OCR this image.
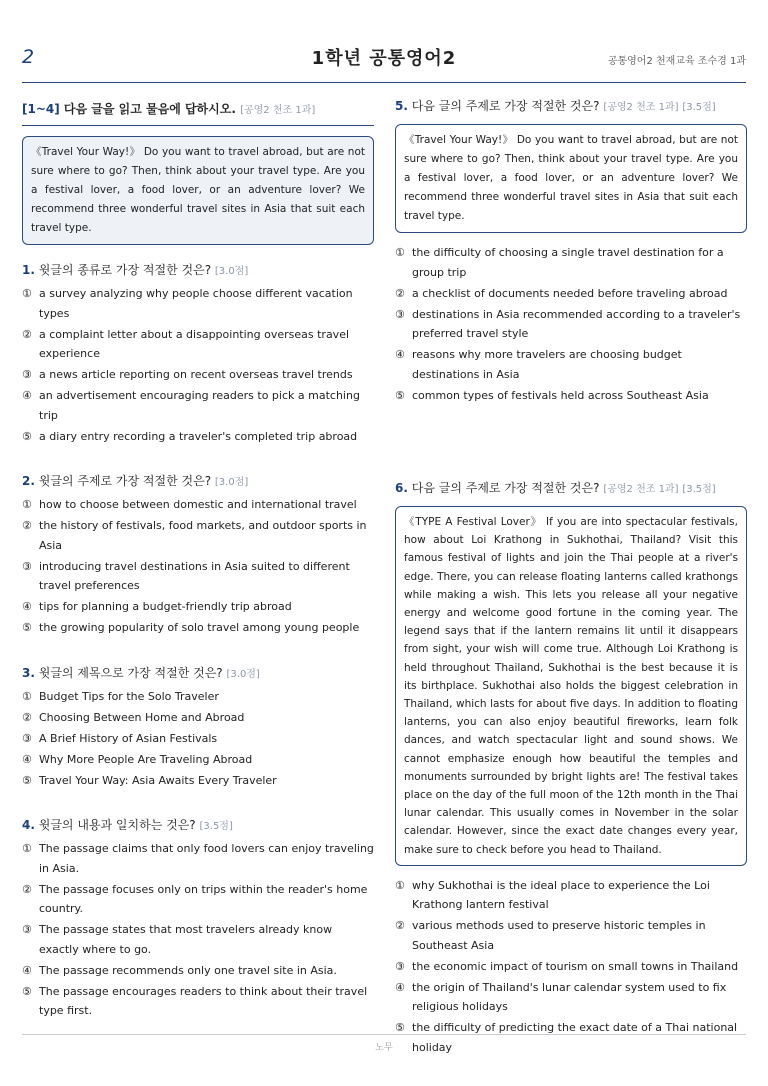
2	1학년 공통영어2	공통영어2 천재교육 조수경 1과
[1~4] 다음 글을 읽고 물음에 답하시오. [공영2 천조 1과]
《Travel Your Way!》 Do you want to travel abroad, but are not sure where to go? Then, think about your travel type. Are you a festival lover, a food lover, or an adventure lover? We recommend three wonderful travel sites in Asia that suit each travel type.
1. 윗글의 종류로 가장 적절한 것은? [3.0점]
① a survey analyzing why people choose different vacation types
② a complaint letter about a disappointing overseas travel experience
③ a news article reporting on recent overseas travel trends
④ an advertisement encouraging readers to pick a matching trip
⑤ a diary entry recording a traveler's completed trip abroad
2. 윗글의 주제로 가장 적절한 것은? [3.0점]
① how to choose between domestic and international travel
② the history of festivals, food markets, and outdoor sports in Asia
③ introducing travel destinations in Asia suited to different travel preferences
④ tips for planning a budget-friendly trip abroad
⑤ the growing popularity of solo travel among young people
3. 윗글의 제목으로 가장 적절한 것은? [3.0점]
① Budget Tips for the Solo Traveler
② Choosing Between Home and Abroad
③ A Brief History of Asian Festivals
④ Why More People Are Traveling Abroad
⑤ Travel Your Way: Asia Awaits Every Traveler
4. 윗글의 내용과 일치하는 것은? [3.5점]
① The passage claims that only food lovers can enjoy traveling in Asia.
② The passage focuses only on trips within the reader's home country.
③ The passage states that most travelers already know exactly where to go.
④ The passage recommends only one travel site in Asia.
⑤ The passage encourages readers to think about their travel type first.
5. 다음 글의 주제로 가장 적절한 것은? [공영2 천조 1과] [3.5점]
《Travel Your Way!》 Do you want to travel abroad, but are not sure where to go? Then, think about your travel type. Are you a festival lover, a food lover, or an adventure lover? We recommend three wonderful travel sites in Asia that suit each travel type.
① the difficulty of choosing a single travel destination for a group trip
② a checklist of documents needed before traveling abroad
③ destinations in Asia recommended according to a traveler's preferred travel style
④ reasons why more travelers are choosing budget destinations in Asia
⑤ common types of festivals held across Southeast Asia
6. 다음 글의 주제로 가장 적절한 것은? [공영2 천조 1과] [3.5점]
《TYPE A Festival Lover》 If you are into spectacular festivals, how about Loi Krathong in Sukhothai, Thailand? Visit this famous festival of lights and join the Thai people at a river's edge. There, you can release floating lanterns called krathongs while making a wish. This lets you release all your negative energy and welcome good fortune in the coming year. The legend says that if the lantern remains lit until it disappears from sight, your wish will come true. Although Loi Krathong is held throughout Thailand, Sukhothai is the best because it is its birthplace. Sukhothai also holds the biggest celebration in Thailand, which lasts for about five days. In addition to floating lanterns, you can also enjoy beautiful fireworks, learn folk dances, and watch spectacular light and sound shows. We cannot emphasize enough how beautiful the temples and monuments surrounded by bright lights are! The festival takes place on the day of the full moon of the 12th month in the Thai lunar calendar. This usually comes in November in the solar calendar. However, since the exact date changes every year, make sure to check before you head to Thailand.
① why Sukhothai is the ideal place to experience the Loi Krathong lantern festival
② various methods used to preserve historic temples in Southeast Asia
③ the economic impact of tourism on small towns in Thailand
④ the origin of Thailand's lunar calendar system used to fix religious holidays
⑤ the difficulty of predicting the exact date of a Thai national holiday
노무
